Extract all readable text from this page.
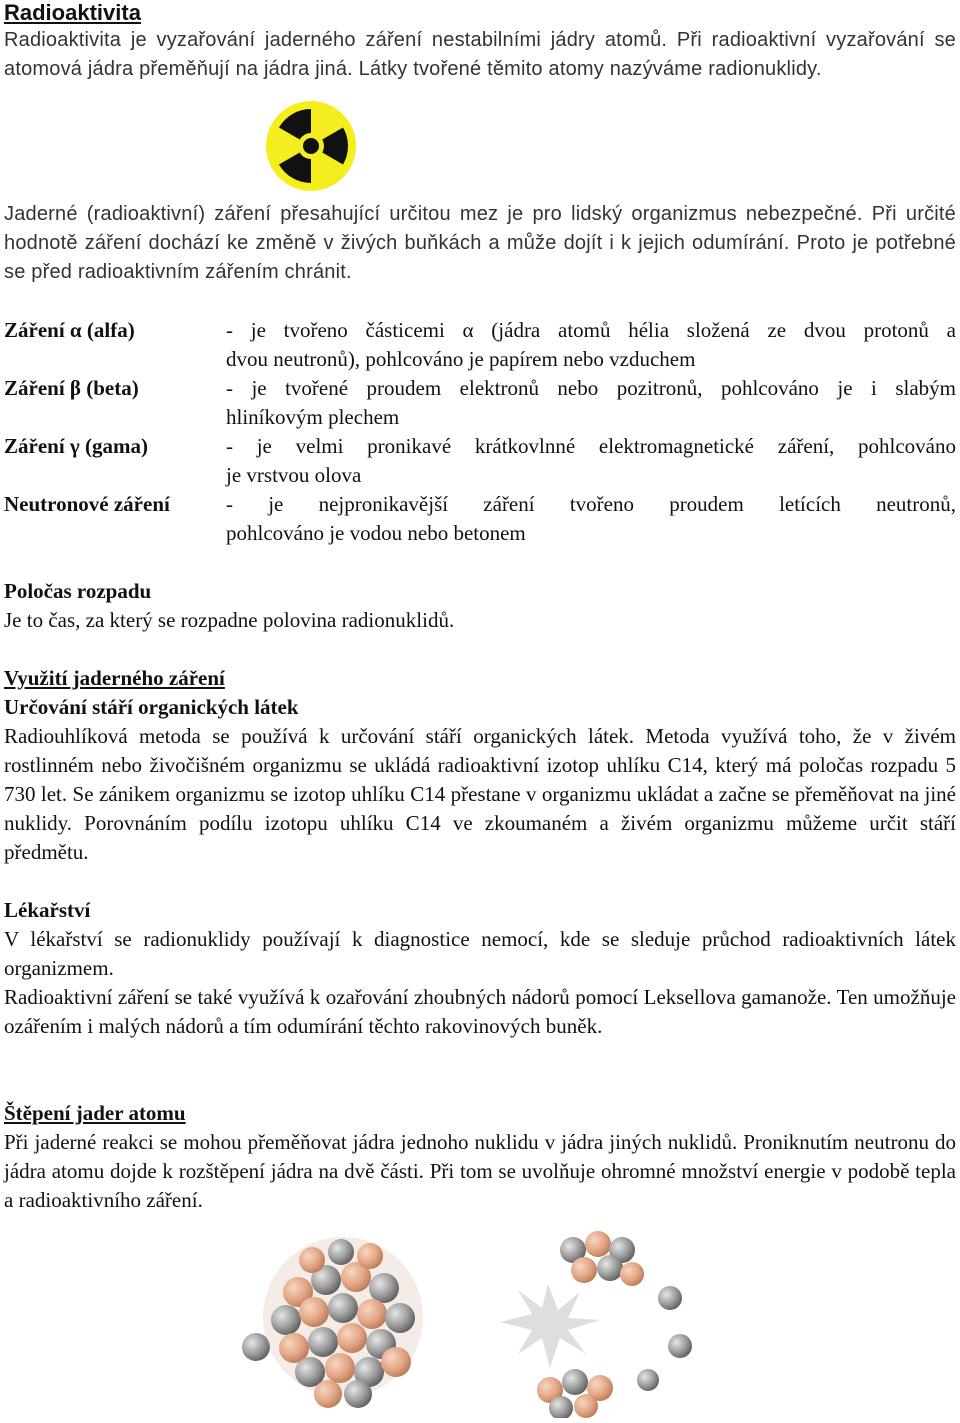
Radioaktivita
Radioaktivita je vyzařování jaderného záření nestabilními jádry atomů. Při radioaktivní vyzařování se atomová jádra přeměňují na jádra jiná. Látky tvořené těmito atomy nazýváme radionuklidy.
Jaderné (radioaktivní) záření přesahující určitou mez je pro lidský organizmus nebezpečné. Při určité hodnotě záření dochází ke změně v živých buňkách a může dojít i k jejich odumírání. Proto je potřebné se před radioaktivním zářením chránit.
Záření α (alfa)	- je tvořeno částicemi α (jádra atomů hélia složená ze dvou protonů a
dvou neutronů), pohlcováno je papírem nebo vzduchem
Záření β (beta)	- je tvořené proudem elektronů nebo pozitronů, pohlcováno je i slabým
hliníkovým plechem
Záření γ (gama)	- je velmi pronikavé krátkovlnné elektromagnetické záření, pohlcováno
je vrstvou olova
Neutronové záření	- je nejpronikavější záření tvořeno proudem letících neutronů,
pohlcováno je vodou nebo betonem
Poločas rozpadu
Je to čas, za který se rozpadne polovina radionuklidů.
Využití jaderného záření
Určování stáří organických látek
Radiouhlíková metoda se používá k určování stáří organických látek. Metoda využívá toho, že v živém rostlinném nebo živočišném organizmu se ukládá radioaktivní izotop uhlíku C14, který má poločas rozpadu 5 730 let. Se zánikem organizmu se izotop uhlíku C14 přestane v organizmu ukládat a začne se přeměňovat na jiné nuklidy. Porovnáním podílu izotopu uhlíku C14 ve zkoumaném a živém organizmu můžeme určit stáří předmětu.
Lékařství
V lékařství se radionuklidy používají k diagnostice nemocí, kde se sleduje průchod radioaktivních látek organizmem.
Radioaktivní záření se také využívá k ozařování zhoubných nádorů pomocí Leksellova gamanože. Ten umožňuje ozářením i malých nádorů a tím odumírání těchto rakovinových buněk.
Štěpení jader atomu
Při jaderné reakci se mohou přeměňovat jádra jednoho nuklidu v jádra jiných nuklidů. Proniknutím neutronu do jádra atomu dojde k rozštěpení jádra na dvě části. Při tom se uvolňuje ohromné množství energie v podobě tepla a radioaktivního záření.
